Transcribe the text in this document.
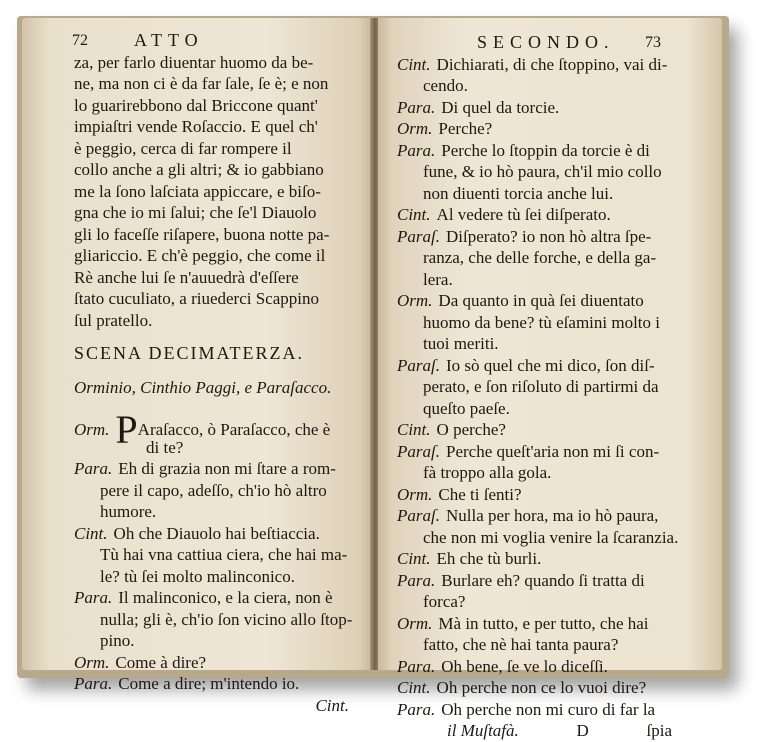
72	ATTO
za, per farlo diuentar huomo da be-
ne, ma non ci è da far ſale, ſe è; e non
lo guarirebbono dal Briccone quant'
impiaſtri vende Roſaccio. E quel ch'
è peggio, cerca di far rompere il
collo anche a gli altri; & io gabbiano
me la ſono laſciata appiccare, e biſo-
gna che io mi ſalui; che ſe'l Diauolo
gli lo faceſſe riſapere, buona notte pa-
gliariccio. E ch'è peggio, che come il
Rè anche lui ſe n'auuedrà d'eſſere
ſtato cuculiato, a riuederci Scappino
ſul pratello.
SCENA DECIMATERZA.
Orminio, Cinthio Paggi, e Paraſacco.
Orm. PAraſacco, ò Paraſacco, che è
di te?
Para. Eh di grazia non mi ſtare a rom-
pere il capo, adeſſo, ch'io hò altro
humore.
Cint. Oh che Diauolo hai beſtiaccia.
Tù hai vna cattiua ciera, che hai ma-
le? tù ſei molto malinconico.
Para. Il malinconico, e la ciera, non è
nulla; gli è, ch'io ſon vicino allo ſtop-
pino.
Orm. Come à dire?
Para. Come a dire; m'intendo io.
Cint.
SECONDO. 73
Cint. Dichiarati, di che ſtoppino, vai di-
cendo.
Para. Di quel da torcie.
Orm. Perche?
Para. Perche lo ſtoppin da torcie è di
fune, & io hò paura, ch'il mio collo
non diuenti torcia anche lui.
Cint. Al vedere tù ſei diſperato.
Paraſ. Diſperato? io non hò altra ſpe-
ranza, che delle forche, e della ga-
lera.
Orm. Da quanto in quà ſei diuentato
huomo da bene? tù eſamini molto i
tuoi meriti.
Paraſ. Io sò quel che mi dico, ſon diſ-
perato, e ſon riſoluto di partirmi da
queſto paeſe.
Cint. O perche?
Paraſ. Perche queſt'aria non mi ſi con-
fà troppo alla gola.
Orm. Che ti ſenti?
Paraſ. Nulla per hora, ma io hò paura,
che non mi voglia venire la ſcaranzia.
Cint. Eh che tù burli.
Para. Burlare eh? quando ſi tratta di
forca?
Orm. Mà in tutto, e per tutto, che hai
fatto, che nè hai tanta paura?
Para. Oh bene, ſe ve lo diceſſi.
Cint. Oh perche non ce lo vuoi dire?
Para. Oh perche non mi curo di far la
il Muſtafà.	D	ſpia
